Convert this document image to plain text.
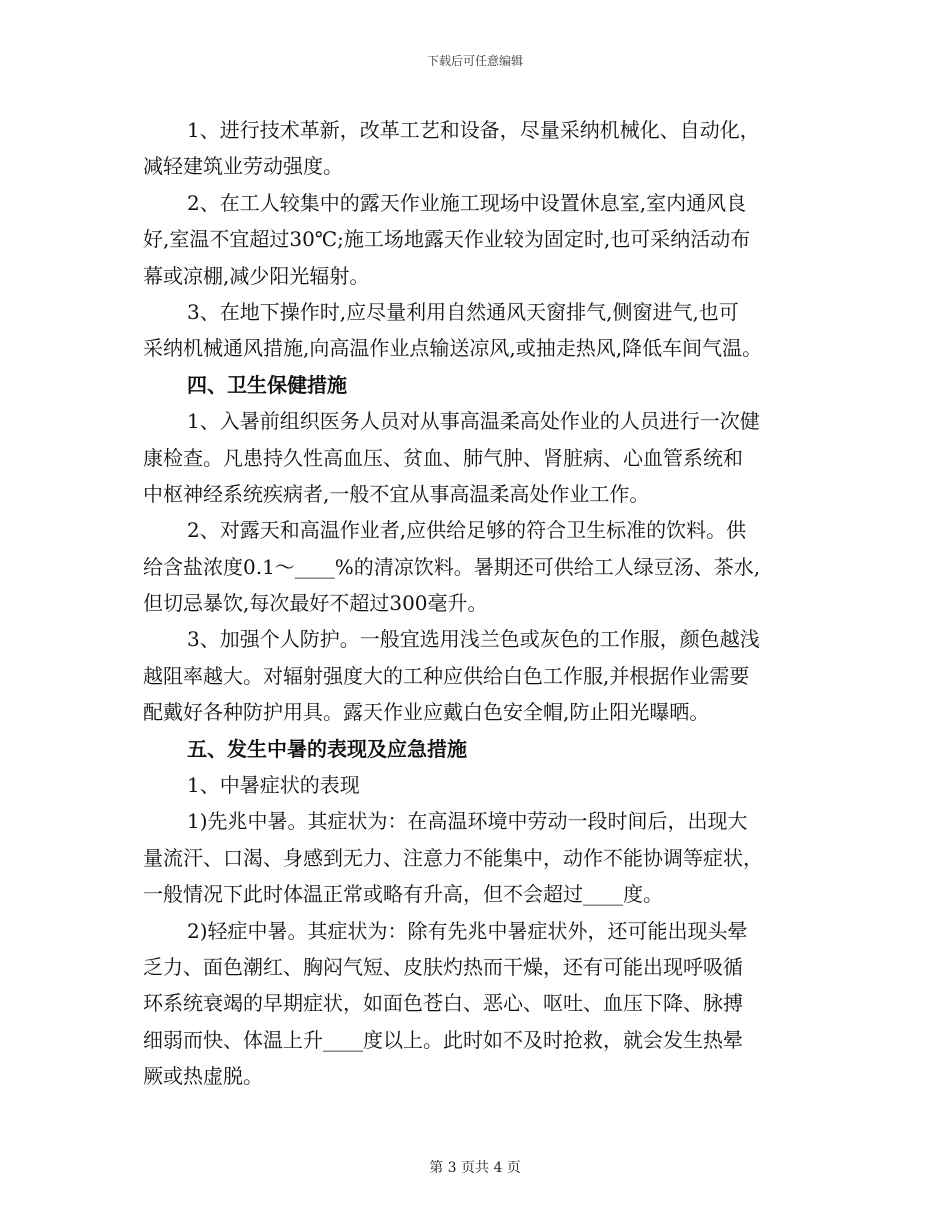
下载后可任意编辑
1、进行技术革新，改革工艺和设备，尽量采纳机械化、自动化，
减轻建筑业劳动强度。
2、在工人较集中的露天作业施工现场中设置休息室,室内通风良
好,室温不宜超过30℃;施工场地露天作业较为固定时,也可采纳活动布
幕或凉棚,减少阳光辐射。
3、在地下操作时,应尽量利用自然通风天窗排气,侧窗进气,也可
采纳机械通风措施,向高温作业点输送凉风,或抽走热风,降低车间气温。
四、卫生保健措施
1、入暑前组织医务人员对从事高温柔高处作业的人员进行一次健
康检查。凡患持久性高血压、贫血、肺气肿、肾脏病、心血管系统和
中枢神经系统疾病者,一般不宜从事高温柔高处作业工作。
2、对露天和高温作业者,应供给足够的符合卫生标准的饮料。供
给含盐浓度0.1～____%的清凉饮料。暑期还可供给工人绿豆汤、茶水,
但切忌暴饮,每次最好不超过300毫升。
3、加强个人防护。一般宜选用浅兰色或灰色的工作服，颜色越浅
越阻率越大。对辐射强度大的工种应供给白色工作服,并根据作业需要
配戴好各种防护用具。露天作业应戴白色安全帽,防止阳光曝晒。
五、发生中暑的表现及应急措施
1、中暑症状的表现
1)先兆中暑。其症状为：在高温环境中劳动一段时间后，出现大
量流汗、口渴、身感到无力、注意力不能集中，动作不能协调等症状，
一般情况下此时体温正常或略有升高，但不会超过____度。
2)轻症中暑。其症状为：除有先兆中暑症状外，还可能出现头晕
乏力、面色潮红、胸闷气短、皮肤灼热而干燥，还有可能出现呼吸循
环系统衰竭的早期症状，如面色苍白、恶心、呕吐、血压下降、脉搏
细弱而快、体温上升____度以上。此时如不及时抢救，就会发生热晕
厥或热虚脱。
第 3 页共 4 页
